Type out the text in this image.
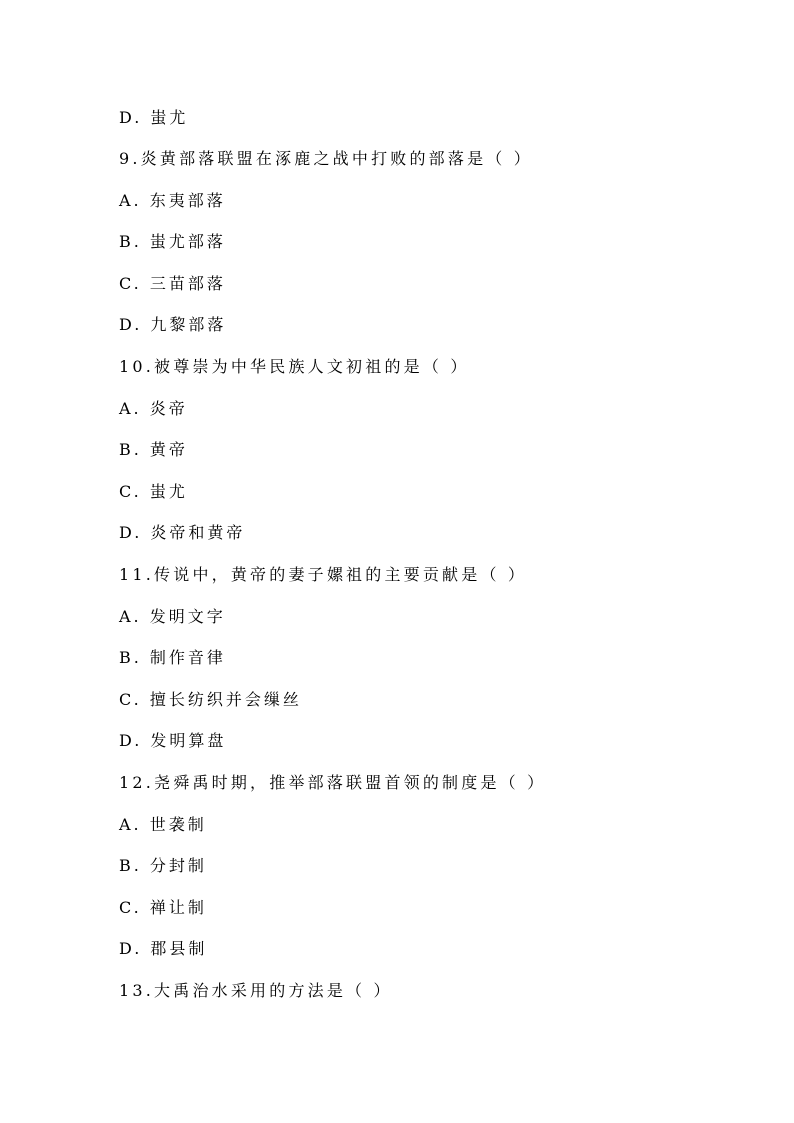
D. 蚩尤
9.炎黄部落联盟在涿鹿之战中打败的部落是（ ）
A. 东夷部落
B. 蚩尤部落
C. 三苗部落
D. 九黎部落
10.被尊崇为中华民族人文初祖的是（ ）
A. 炎帝
B. 黄帝
C. 蚩尤
D. 炎帝和黄帝
11.传说中，黄帝的妻子嫘祖的主要贡献是（ ）
A. 发明文字
B. 制作音律
C. 擅长纺织并会缫丝
D. 发明算盘
12.尧舜禹时期，推举部落联盟首领的制度是（ ）
A. 世袭制
B. 分封制
C. 禅让制
D. 郡县制
13.大禹治水采用的方法是（ ）
